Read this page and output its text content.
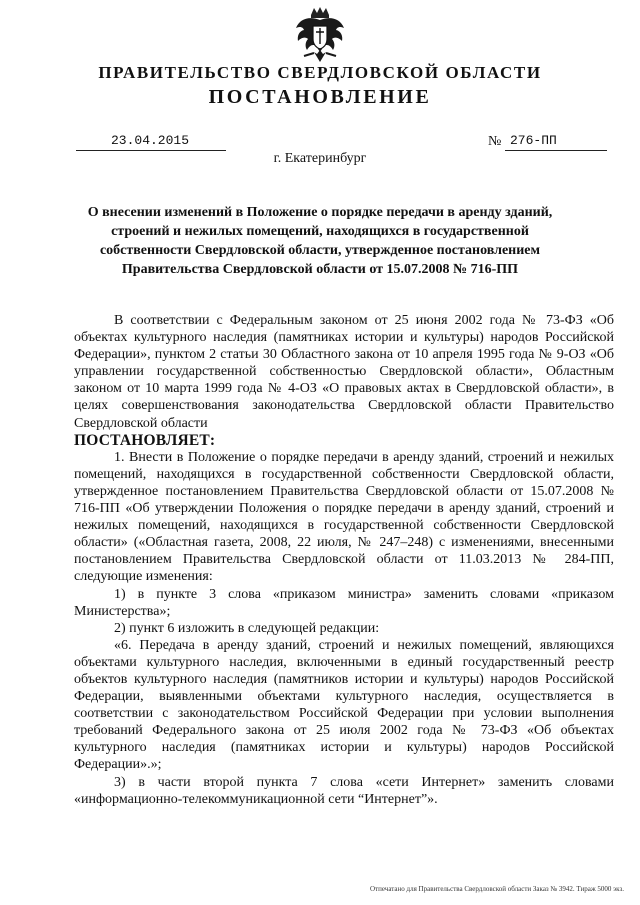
ПРАВИТЕЛЬСТВО СВЕРДЛОВСКОЙ ОБЛАСТИ
ПОСТАНОВЛЕНИЕ
23.04.2015	№ 276-ПП
г. Екатеринбург
О внесении изменений в Положение о порядке передачи в аренду зданий, строений и нежилых помещений, находящихся в государственной собственности Свердловской области, утвержденное постановлением Правительства Свердловской области от 15.07.2008 № 716-ПП

В соответствии с Федеральным законом от 25 июня 2002 года № 73-ФЗ «Об объектах культурного наследия (памятниках истории и культуры) народов Российской Федерации», пунктом 2 статьи 30 Областного закона от 10 апреля 1995 года № 9-ОЗ «Об управлении государственной собственностью Свердловской области», Областным законом от 10 марта 1999 года № 4-ОЗ «О правовых актах в Свердловской области», в целях совершенствования законодательства Свердловской области Правительство Свердловской области

ПОСТАНОВЛЯЕТ:

1. Внести в Положение о порядке передачи в аренду зданий, строений и нежилых помещений, находящихся в государственной собственности Свердловской области, утвержденное постановлением Правительства Свердловской области от 15.07.2008 № 716-ПП «Об утверждении Положения о порядке передачи в аренду зданий, строений и нежилых помещений, находящихся в государственной собственности Свердловской области» («Областная газета, 2008, 22 июля, № 247–248) с изменениями, внесенными постановлением Правительства Свердловской области от 11.03.2013 № 284-ПП, следующие изменения:

1) в пункте 3 слова «приказом министра» заменить словами «приказом Министерства»;

2) пункт 6 изложить в следующей редакции:

«6. Передача в аренду зданий, строений и нежилых помещений, являющихся объектами культурного наследия, включенными в единый государственный реестр объектов культурного наследия (памятников истории и культуры) народов Российской Федерации, выявленными объектами культурного наследия, осуществляется в соответствии с законодательством Российской Федерации при условии выполнения требований Федерального закона от 25 июля 2002 года № 73-ФЗ «Об объектах культурного наследия (памятниках истории и культуры) народов Российской Федерации».»;

3) в части второй пункта 7 слова «сети Интернет» заменить словами «информационно-телекоммуникационной сети “Интернет”».

Отпечатано для Правительства Свердловской области Заказ № 3942. Тираж 5000 экз.
